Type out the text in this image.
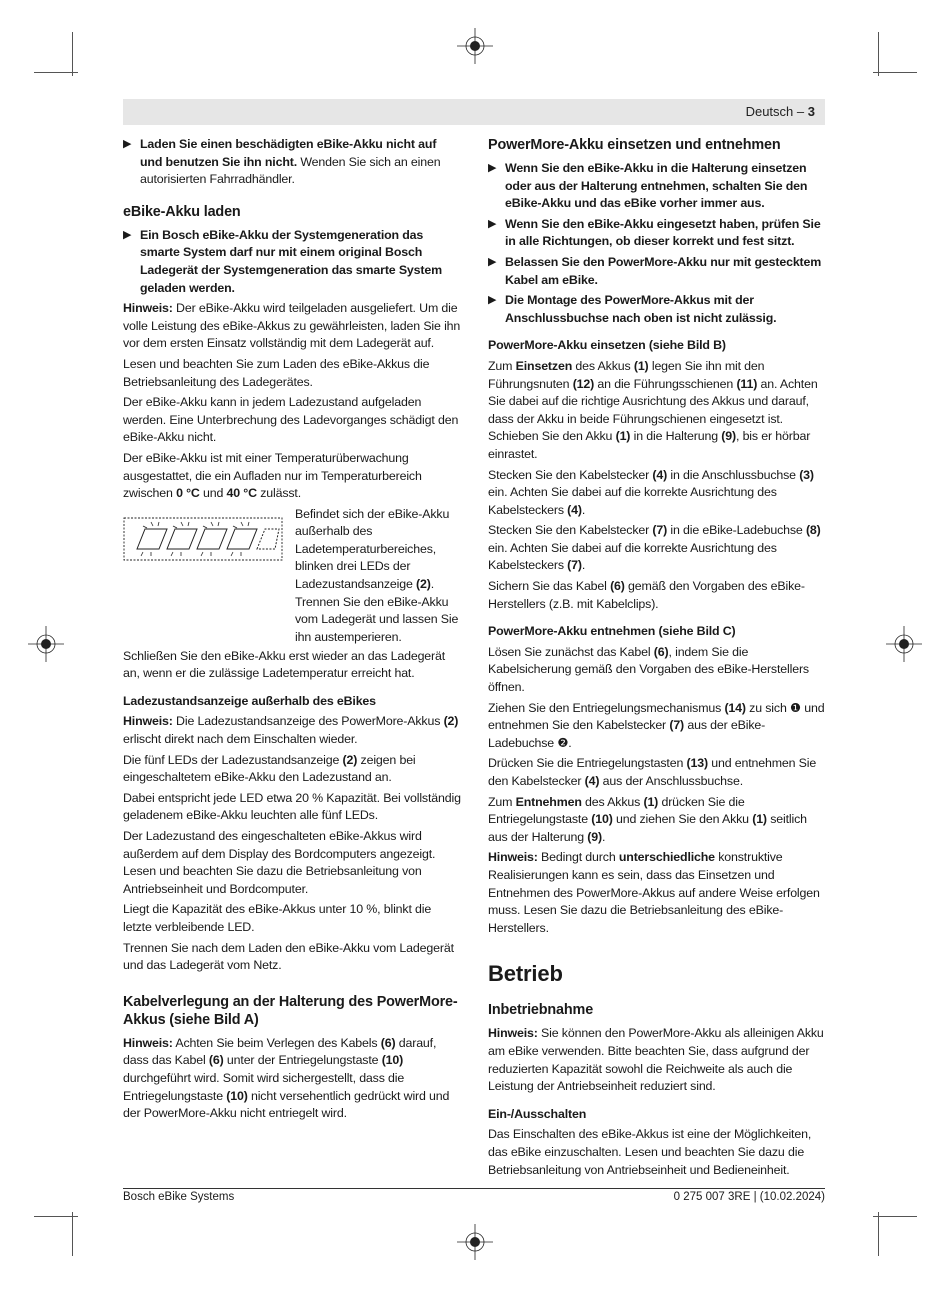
Deutsch – 3
▶ Laden Sie einen beschädigten eBike-Akku nicht auf und benutzen Sie ihn nicht. Wenden Sie sich an einen autorisierten Fahrradhändler.
eBike-Akku laden
▶ Ein Bosch eBike-Akku der Systemgeneration das smarte System darf nur mit einem original Bosch Ladegerät der Systemgeneration das smarte System geladen werden.

Hinweis: Der eBike-Akku wird teilgeladen ausgeliefert. Um die volle Leistung des eBike-Akkus zu gewährleisten, laden Sie ihn vor dem ersten Einsatz vollständig mit dem Ladegerät auf.

Lesen und beachten Sie zum Laden des eBike-Akkus die Betriebsanleitung des Ladegerätes.

Der eBike-Akku kann in jedem Ladezustand aufgeladen werden. Eine Unterbrechung des Ladevorganges schädigt den eBike-Akku nicht.

Der eBike-Akku ist mit einer Temperaturüberwachung ausgestattet, die ein Aufladen nur im Temperaturbereich zwischen 0 °C und 40 °C zulässt.

Befindet sich der eBike-Akku außerhalb des Ladetemperaturbereiches, blinken drei LEDs der Ladezustandsanzeige (2). Trennen Sie den eBike-Akku vom Ladegerät und lassen Sie ihn austemperieren.

Schließen Sie den eBike-Akku erst wieder an das Ladegerät an, wenn er die zulässige Ladetemperatur erreicht hat.

Ladezustandsanzeige außerhalb des eBikes

Hinweis: Die Ladezustandsanzeige des PowerMore-Akkus (2) erlischt direkt nach dem Einschalten wieder.

Die fünf LEDs der Ladezustandsanzeige (2) zeigen bei eingeschaltetem eBike-Akku den Ladezustand an.

Dabei entspricht jede LED etwa 20 % Kapazität. Bei vollständig geladenem eBike-Akku leuchten alle fünf LEDs.

Der Ladezustand des eingeschalteten eBike-Akkus wird außerdem auf dem Display des Bordcomputers angezeigt. Lesen und beachten Sie dazu die Betriebsanleitung von Antriebseinheit und Bordcomputer.

Liegt die Kapazität des eBike-Akkus unter 10 %, blinkt die letzte verbleibende LED.

Trennen Sie nach dem Laden den eBike-Akku vom Ladegerät und das Ladegerät vom Netz.

Kabelverlegung an der Halterung des PowerMore-Akkus (siehe Bild A)

Hinweis: Achten Sie beim Verlegen des Kabels (6) darauf, dass das Kabel (6) unter der Entriegelungstaste (10) durchgeführt wird. Somit wird sichergestellt, dass die Entriegelungstaste (10) nicht versehentlich gedrückt wird und der PowerMore-Akku nicht entriegelt wird.

PowerMore-Akku einsetzen und entnehmen
▶ Wenn Sie den eBike-Akku in die Halterung einsetzen oder aus der Halterung entnehmen, schalten Sie den eBike-Akku und das eBike vorher immer aus.
▶ Wenn Sie den eBike-Akku eingesetzt haben, prüfen Sie in alle Richtungen, ob dieser korrekt und fest sitzt.
▶ Belassen Sie den PowerMore-Akku nur mit gestecktem Kabel am eBike.
▶ Die Montage des PowerMore-Akkus mit der Anschlussbuchse nach oben ist nicht zulässig.
PowerMore-Akku einsetzen (siehe Bild B)

Zum Einsetzen des Akkus (1) legen Sie ihn mit den Führungsnuten (12) an die Führungsschienen (11) an. Achten Sie dabei auf die richtige Ausrichtung des Akkus und darauf, dass der Akku in beide Führungschienen eingesetzt ist. Schieben Sie den Akku (1) in die Halterung (9), bis er hörbar einrastet.

Stecken Sie den Kabelstecker (4) in die Anschlussbuchse (3) ein. Achten Sie dabei auf die korrekte Ausrichtung des Kabelsteckers (4).

Stecken Sie den Kabelstecker (7) in die eBike-Ladebuchse (8) ein. Achten Sie dabei auf die korrekte Ausrichtung des Kabelsteckers (7).

Sichern Sie das Kabel (6) gemäß den Vorgaben des eBike-Herstellers (z.B. mit Kabelclips).

PowerMore-Akku entnehmen (siehe Bild C)

Lösen Sie zunächst das Kabel (6), indem Sie die Kabelsicherung gemäß den Vorgaben des eBike-Herstellers öffnen.

Ziehen Sie den Entriegelungsmechanismus (14) zu sich ❶ und entnehmen Sie den Kabelstecker (7) aus der eBike-Ladebuchse ❷.

Drücken Sie die Entriegelungstasten (13) und entnehmen Sie den Kabelstecker (4) aus der Anschlussbuchse.

Zum Entnehmen des Akkus (1) drücken Sie die Entriegelungstaste (10) und ziehen Sie den Akku (1) seitlich aus der Halterung (9).

Hinweis: Bedingt durch unterschiedliche konstruktive Realisierungen kann es sein, dass das Einsetzen und Entnehmen des PowerMore-Akkus auf andere Weise erfolgen muss. Lesen Sie dazu die Betriebsanleitung des eBike-Herstellers.

Betrieb
Inbetriebnahme

Hinweis: Sie können den PowerMore-Akku als alleinigen Akku am eBike verwenden. Bitte beachten Sie, dass aufgrund der reduzierten Kapazität sowohl die Reichweite als auch die Leistung der Antriebseinheit reduziert sind.

Ein-/Ausschalten

Das Einschalten des eBike-Akkus ist eine der Möglichkeiten, das eBike einzuschalten. Lesen und beachten Sie dazu die Betriebsanleitung von Antriebseinheit und Bedieneinheit.

Bosch eBike Systems	0 275 007 3RE | (10.02.2024)
